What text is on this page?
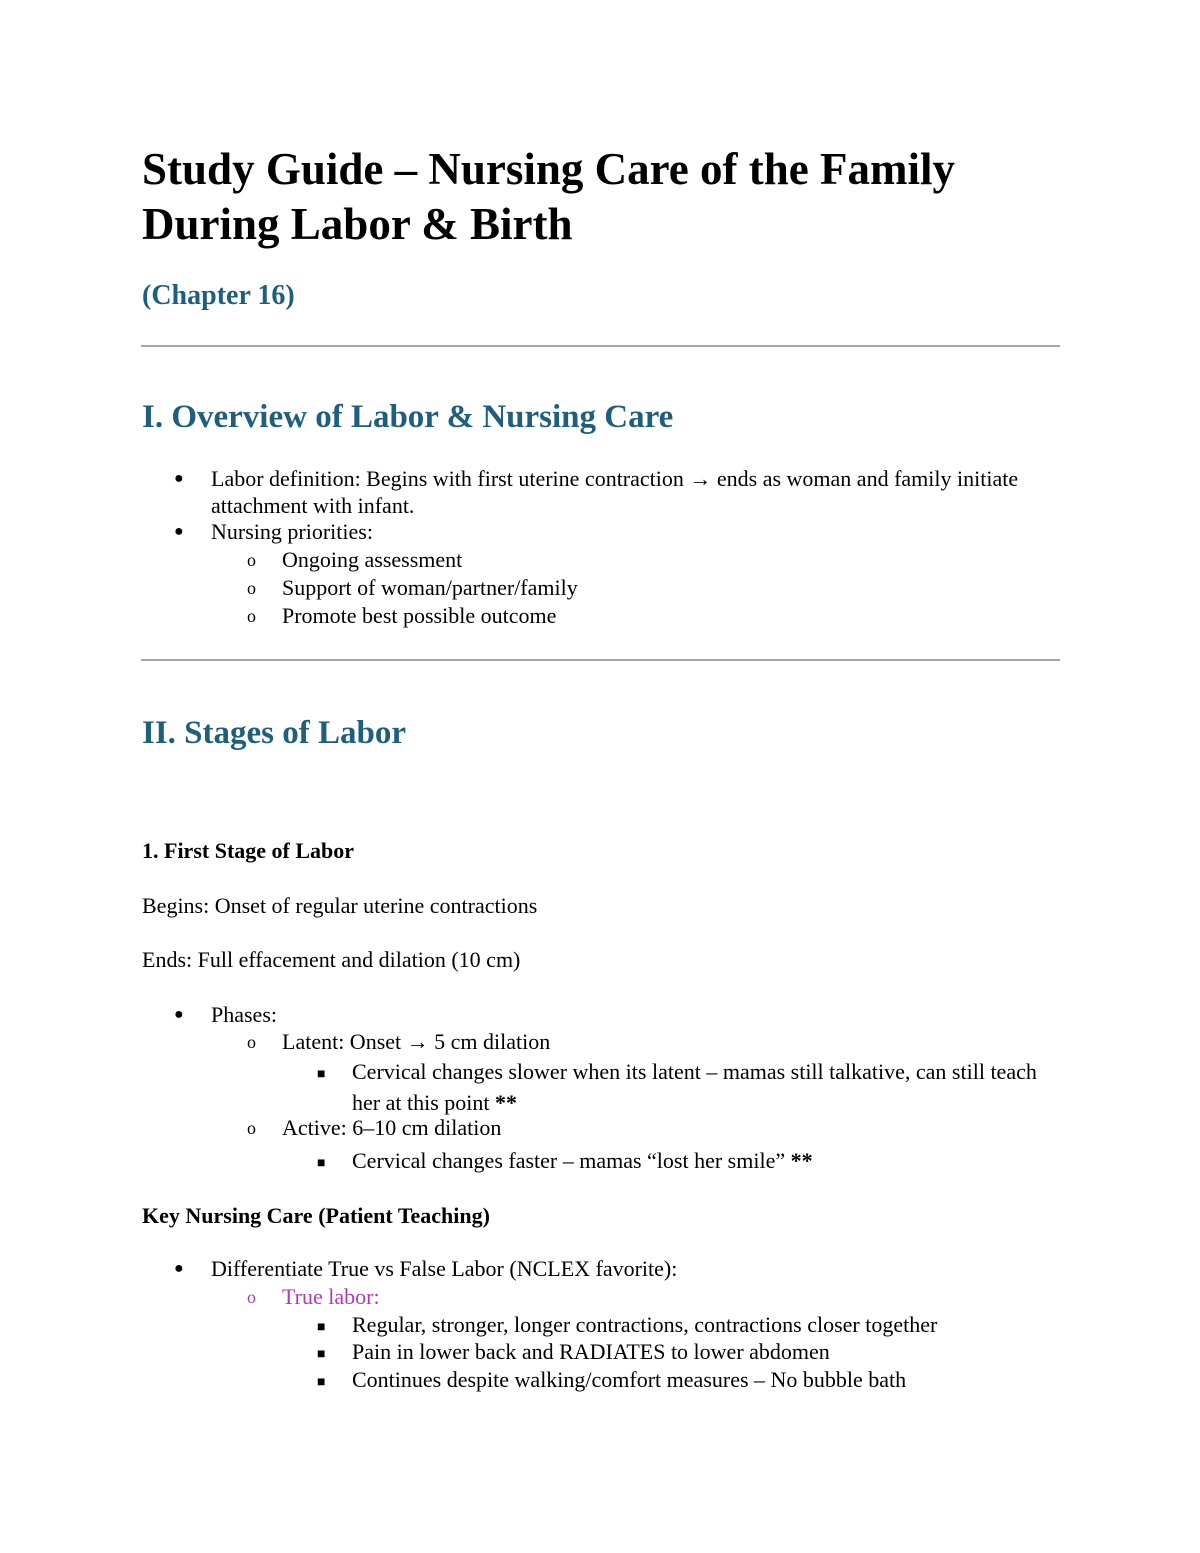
Study Guide – Nursing Care of the Family During Labor & Birth

(Chapter 16)

I. Overview of Labor & Nursing Care
● Labor definition: Begins with first uterine contraction → ends as woman and family initiate attachment with infant.
● Nursing priorities:
o Ongoing assessment
o Support of woman/partner/family
o Promote best possible outcome
II. Stages of Labor
1. First Stage of Labor

Begins: Onset of regular uterine contractions

Ends: Full effacement and dilation (10 cm)

● Phases:
o Latent: Onset → 5 cm dilation
■ Cervical changes slower when its latent – mamas still talkative, can still teach her at this point **
o Active: 6–10 cm dilation
■ Cervical changes faster – mamas “lost her smile” **
Key Nursing Care (Patient Teaching)
● Differentiate True vs False Labor (NCLEX favorite):
o True labor:
■ Regular, stronger, longer contractions, contractions closer together
■ Pain in lower back and RADIATES to lower abdomen
■ Continues despite walking/comfort measures – No bubble bath
